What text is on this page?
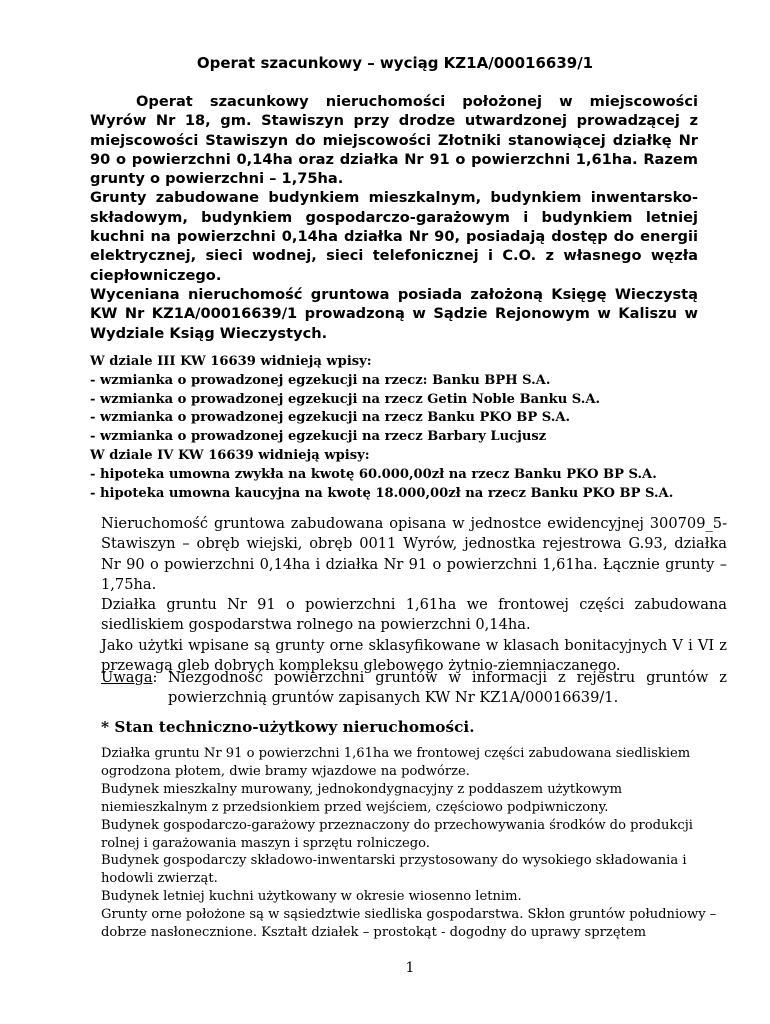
Operat szacunkowy – wyciąg KZ1A/00016639/1

Operat szacunkowy nieruchomości położonej w miejscowości Wyrów Nr 18, gm. Stawiszyn przy drodze utwardzonej prowadzącej z miejscowości Stawiszyn do miejscowości Złotniki stanowiącej działkę Nr 90 o powierzchni 0,14ha oraz działka Nr 91 o powierzchni 1,61ha. Razem grunty o powierzchni – 1,75ha.

Grunty zabudowane budynkiem mieszkalnym, budynkiem inwentarsko-składowym, budynkiem gospodarczo-garażowym i budynkiem letniej kuchni na powierzchni 0,14ha działka Nr 90, posiadają dostęp do energii elektrycznej, sieci wodnej, sieci telefonicznej i C.O. z własnego węzła ciepłowniczego.

Wyceniana nieruchomość gruntowa posiada założoną Księgę Wieczystą KW Nr KZ1A/00016639/1 prowadzoną w Sądzie Rejonowym w Kaliszu w Wydziale Ksiąg Wieczystych.

W dziale III KW 16639 widnieją wpisy:
- wzmianka o prowadzonej egzekucji na rzecz: Banku BPH S.A.
- wzmianka o prowadzonej egzekucji na rzecz Getin Noble Banku S.A.
- wzmianka o prowadzonej egzekucji na rzecz Banku PKO BP S.A.
- wzmianka o prowadzonej egzekucji na rzecz Barbary Lucjusz
W dziale IV KW 16639 widnieją wpisy:
- hipoteka umowna zwykła na kwotę 60.000,00zł na rzecz Banku PKO BP S.A.
- hipoteka umowna kaucyjna na kwotę 18.000,00zł na rzecz Banku PKO BP S.A.

Nieruchomość gruntowa zabudowana opisana w jednostce ewidencyjnej 300709_5-Stawiszyn – obręb wiejski, obręb 0011 Wyrów, jednostka rejestrowa G.93, działka Nr 90 o powierzchni 0,14ha i działka Nr 91 o powierzchni 1,61ha. Łącznie grunty – 1,75ha.

Działka gruntu Nr 91 o powierzchni 1,61ha we frontowej części zabudowana siedliskiem gospodarstwa rolnego na powierzchni 0,14ha.

Jako użytki wpisane są grunty orne sklasyfikowane w klasach bonitacyjnych V i VI z przewagą gleb dobrych kompleksu glebowego żytnio-ziemniaczanego.

Uwaga: Niezgodność powierzchni gruntów w informacji z rejestru gruntów z powierzchnią gruntów zapisanych KW Nr KZ1A/00016639/1.
* Stan techniczno-użytkowy nieruchomości.

Działka gruntu Nr 91 o powierzchni 1,61ha we frontowej części zabudowana siedliskiem ogrodzona płotem, dwie bramy wjazdowe na podwórze.

Budynek mieszkalny murowany, jednokondygnacyjny z poddaszem użytkowym niemieszkalnym z przedsionkiem przed wejściem, częściowo podpiwniczony.

Budynek gospodarczo-garażowy przeznaczony do przechowywania środków do produkcji rolnej i garażowania maszyn i sprzętu rolniczego.

Budynek gospodarczy składowo-inwentarski przystosowany do wysokiego składowania i hodowli zwierząt.

Budynek letniej kuchni użytkowany w okresie wiosenno letnim.

Grunty orne położone są w sąsiedztwie siedliska gospodarstwa. Skłon gruntów południowy – dobrze nasłonecznione. Kształt działek – prostokąt - dogodny do uprawy sprzętem

1
